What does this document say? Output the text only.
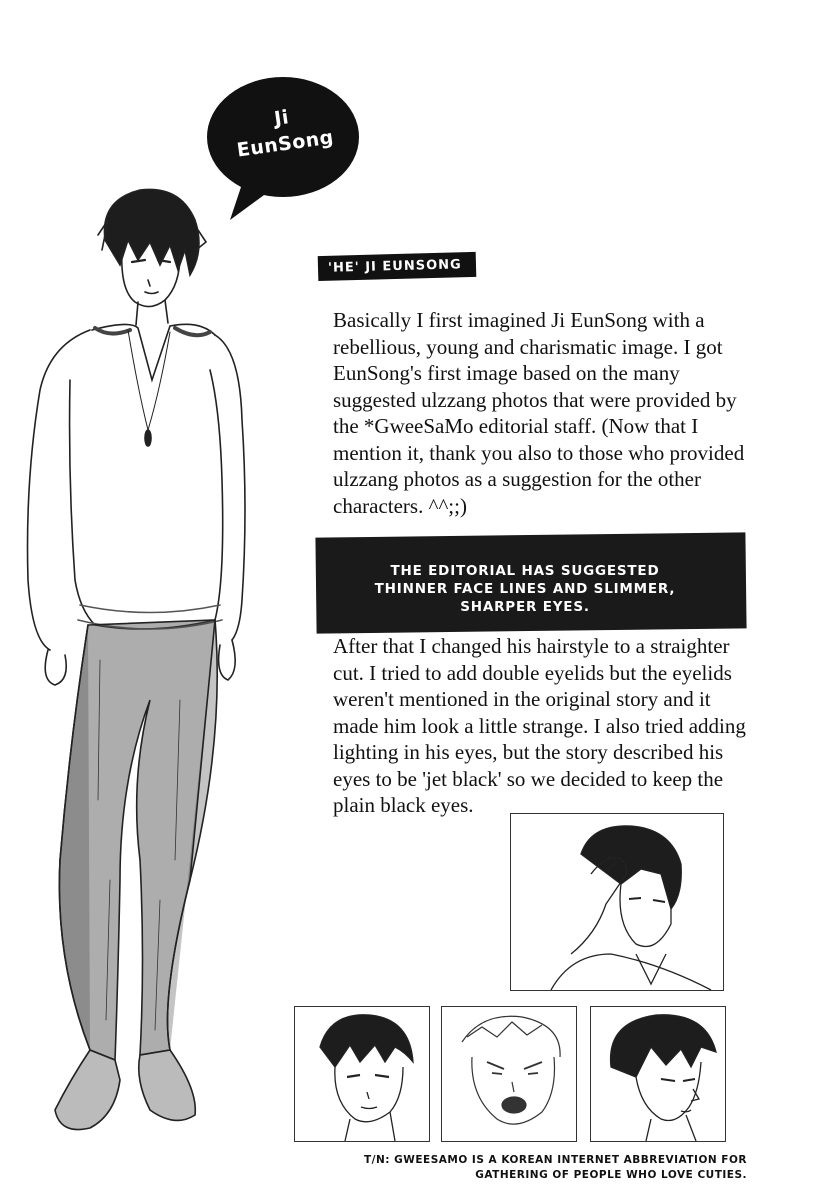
Ji
EunSong
'HE' JI EUNSONG

Basically I first imagined Ji EunSong with a rebellious, young and charismatic image. I got EunSong's first image based on the many suggested ulzzang photos that were provided by the *GweeSaMo editorial staff. (Now that I mention it, thank you also to those who provided ulzzang photos as a suggestion for the other characters. ^^;;)

THE EDITORIAL HAS SUGGESTED
THINNER FACE LINES AND SLIMMER,
SHARPER EYES.

After that I changed his hairstyle to a straighter cut. I tried to add double eyelids but the eyelids weren't mentioned in the original story and it made him look a little strange. I also tried adding lighting in his eyes, but the story described his eyes to be 'jet black' so we decided to keep the plain black eyes.

T/N: GWEESAMO IS A KOREAN INTERNET ABBREVIATION FOR
GATHERING OF PEOPLE WHO LOVE CUTIES.
